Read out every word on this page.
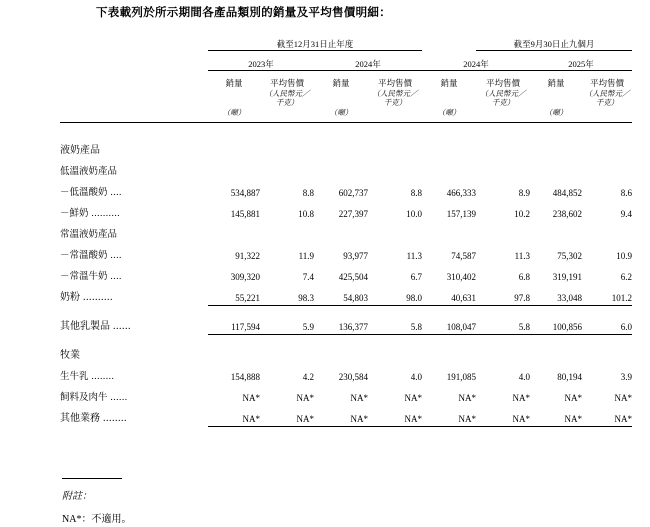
下表載列於所示期間各產品類別的銷量及平均售價明細：
	截至12月31日止年度					截至9月30日止九個月		

	2023年		2024年		2024年		2025年	

	銷量	平均售價	銷量	平均售價	銷量	平均售價	銷量	平均售價
		（人民幣元／		（人民幣元／		（人民幣元／		（人民幣元／
		千克）		千克）		千克）		千克）
	（噸）		（噸）		（噸）		（噸）	

液奶產品								
低溫液奶產品								
－低溫酸奶 ....	534,887	8.8	602,737	8.8	466,333	8.9	484,852	8.6
－鮮奶 ..........	145,881	10.8	227,397	10.0	157,139	10.2	238,602	9.4
常溫液奶產品								
－常溫酸奶 ....	91,322	11.9	93,977	11.3	74,587	11.3	75,302	10.9
－常溫牛奶 ....	309,320	7.4	425,504	6.7	310,402	6.8	319,191	6.2
奶粉 ..........	55,221	98.3	54,803	98.0	40,631	97.8	33,048	101.2

其他乳製品 ......	117,594	5.9	136,377	5.8	108,047	5.8	100,856	6.0

牧業								
生牛乳 ........	154,888	4.2	230,584	4.0	191,085	4.0	80,194	3.9
飼料及肉牛 ......	NA*	NA*	NA*	NA*	NA*	NA*	NA*	NA*
其他業務 ........	NA*	NA*	NA*	NA*	NA*	NA*	NA*	NA*

附註：
NA*：不適用。
